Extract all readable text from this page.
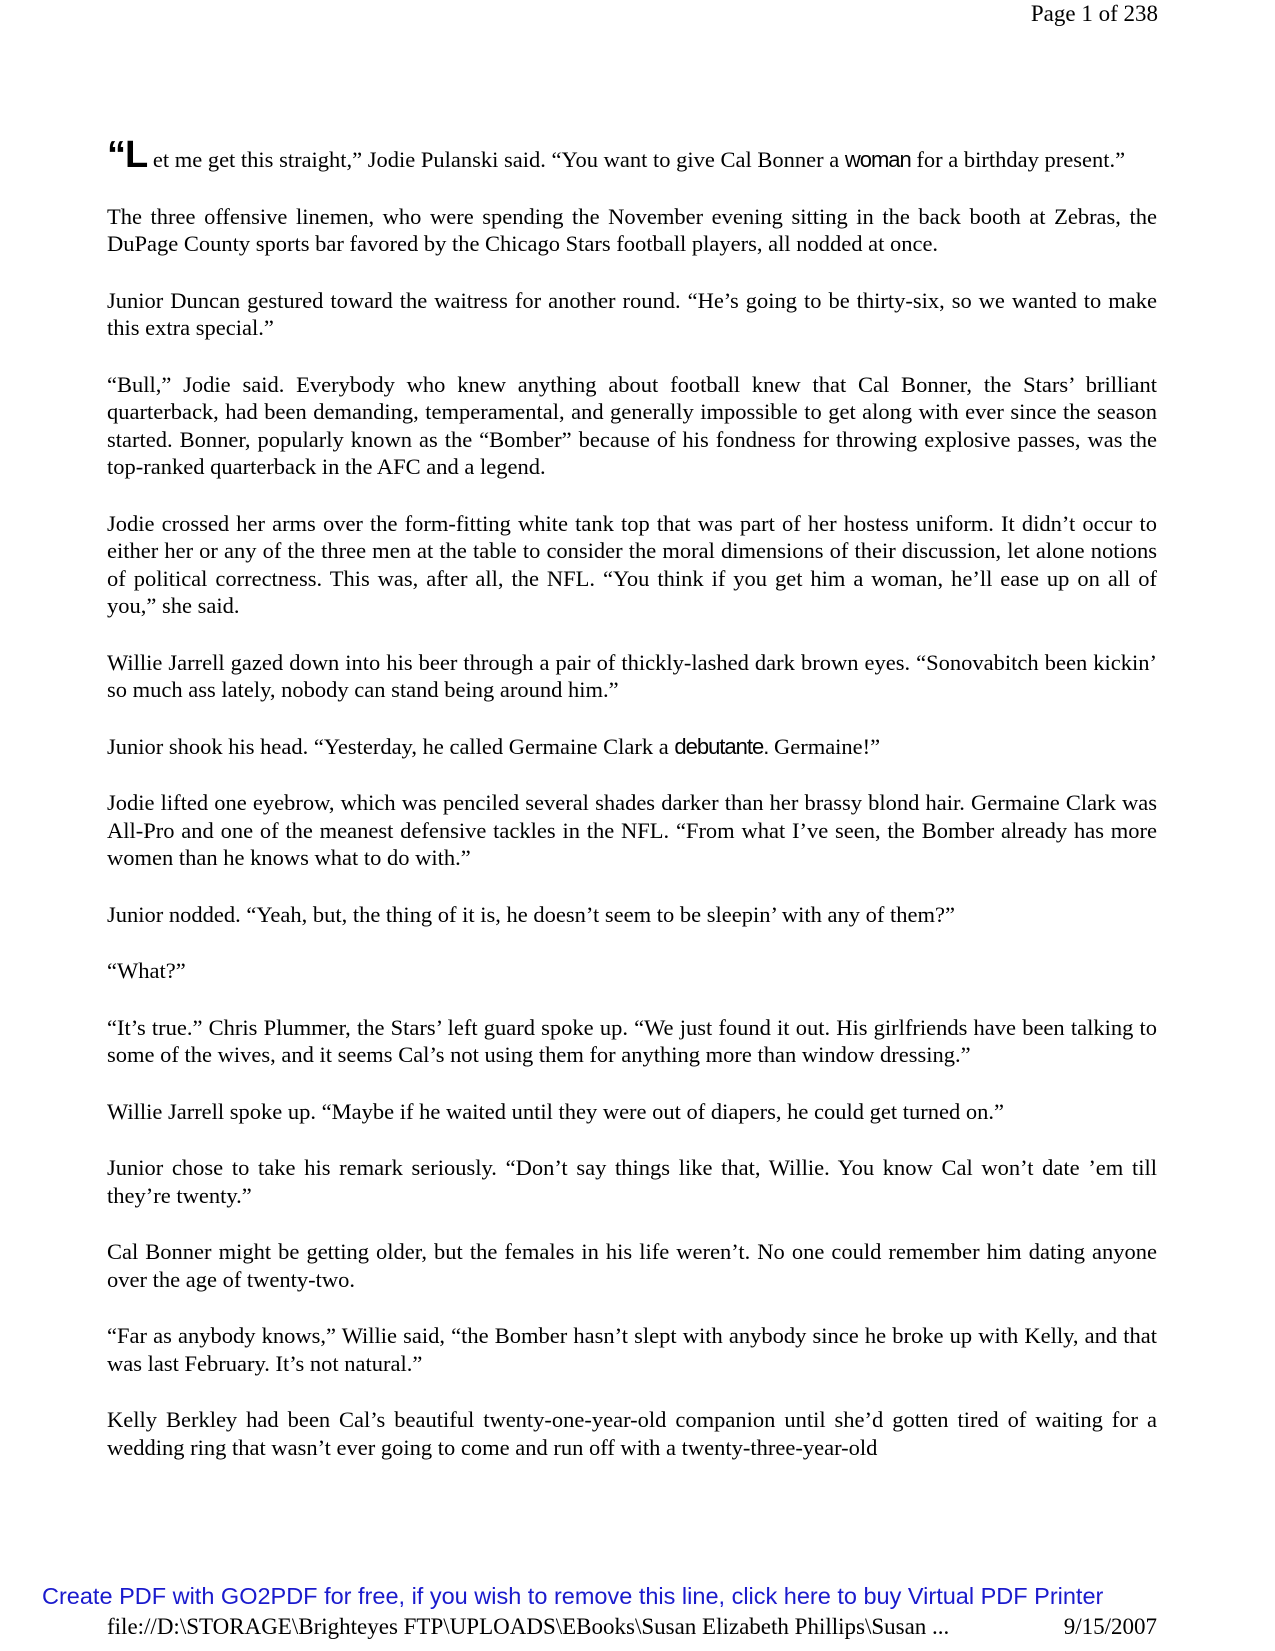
Page 1 of 238

“L et me get this straight,” Jodie Pulanski said. “You want to give Cal Bonner a woman for a birthday present.”

The three offensive linemen, who were spending the November evening sitting in the back booth at Zebras, the DuPage County sports bar favored by the Chicago Stars football players, all nodded at once.

Junior Duncan gestured toward the waitress for another round. “He’s going to be thirty-six, so we wanted to make this extra special.”

“Bull,” Jodie said. Everybody who knew anything about football knew that Cal Bonner, the Stars’ brilliant quarterback, had been demanding, temperamental, and generally impossible to get along with ever since the season started. Bonner, popularly known as the “Bomber” because of his fondness for throwing explosive passes, was the top-ranked quarterback in the AFC and a legend.

Jodie crossed her arms over the form-fitting white tank top that was part of her hostess uniform. It didn’t occur to either her or any of the three men at the table to consider the moral dimensions of their discussion, let alone notions of political correctness. This was, after all, the NFL. “You think if you get him a woman, he’ll ease up on all of you,” she said.

Willie Jarrell gazed down into his beer through a pair of thickly-lashed dark brown eyes. “Sonovabitch been kickin’ so much ass lately, nobody can stand being around him.”

Junior shook his head. “Yesterday, he called Germaine Clark a debutante. Germaine!”

Jodie lifted one eyebrow, which was penciled several shades darker than her brassy blond hair. Germaine Clark was All-Pro and one of the meanest defensive tackles in the NFL. “From what I’ve seen, the Bomber already has more women than he knows what to do with.”

Junior nodded. “Yeah, but, the thing of it is, he doesn’t seem to be sleepin’ with any of them?”

“What?”

“It’s true.” Chris Plummer, the Stars’ left guard spoke up. “We just found it out. His girlfriends have been talking to some of the wives, and it seems Cal’s not using them for anything more than window dressing.”

Willie Jarrell spoke up. “Maybe if he waited until they were out of diapers, he could get turned on.”

Junior chose to take his remark seriously. “Don’t say things like that, Willie. You know Cal won’t date ’em till they’re twenty.”

Cal Bonner might be getting older, but the females in his life weren’t. No one could remember him dating anyone over the age of twenty-two.

“Far as anybody knows,” Willie said, “the Bomber hasn’t slept with anybody since he broke up with Kelly, and that was last February. It’s not natural.”

Kelly Berkley had been Cal’s beautiful twenty-one-year-old companion until she’d gotten tired of waiting for a wedding ring that wasn’t ever going to come and run off with a twenty-three-year-old

Create PDF with GO2PDF for free, if you wish to remove this line, click here to buy Virtual PDF Printer
file://D:\STORAGE\Brighteyes FTP\UPLOADS\EBooks\Susan Elizabeth Phillips\Susan ...	9/15/2007
